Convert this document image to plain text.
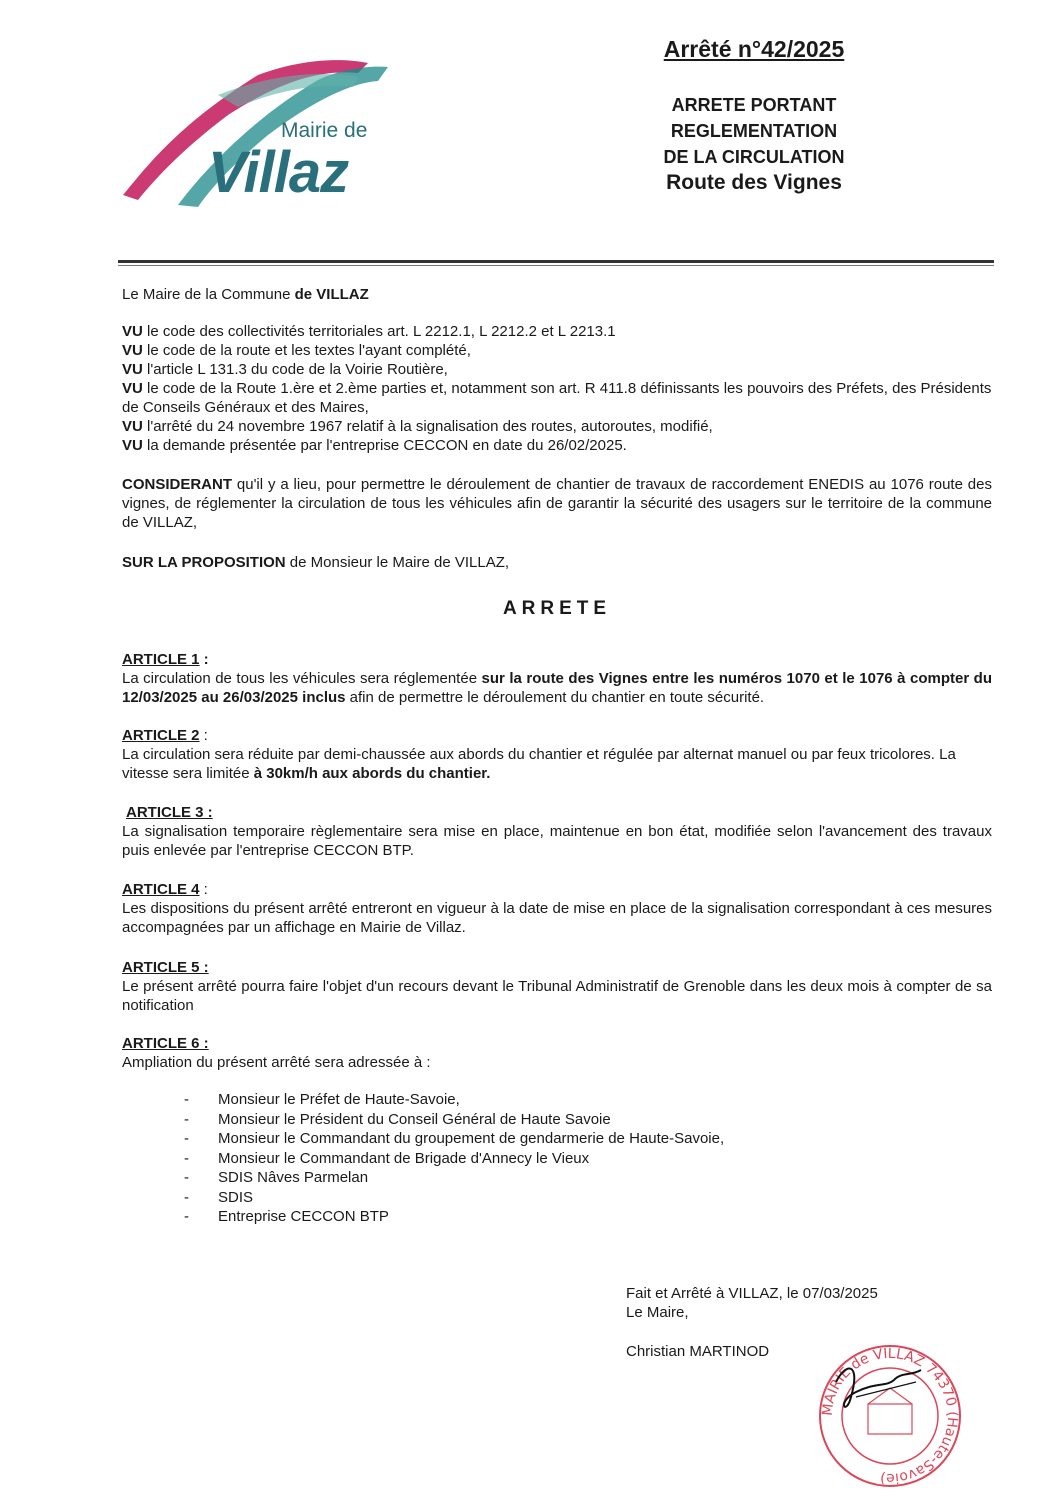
Mairie de
Villaz
Arrêté n°42/2025
ARRETE PORTANT
REGLEMENTATION
DE LA CIRCULATION
Route des Vignes
Le Maire de la Commune de VILLAZ
VU le code des collectivités territoriales art. L 2212.1, L 2212.2 et L 2213.1
VU le code de la route et les textes l'ayant complété,
VU l'article L 131.3 du code de la Voirie Routière,
VU le code de la Route 1.ère et 2.ème parties et, notamment son art. R 411.8 définissants les pouvoirs des Préfets, des Présidents de Conseils Généraux et des Maires,
VU l'arrêté du 24 novembre 1967 relatif à la signalisation des routes, autoroutes, modifié,
VU la demande présentée par l'entreprise CECCON en date du 26/02/2025.
CONSIDERANT qu'il y a lieu, pour permettre le déroulement de chantier de travaux de raccordement ENEDIS au 1076 route des vignes, de réglementer la circulation de tous les véhicules afin de garantir la sécurité des usagers sur le territoire de la commune de VILLAZ,
SUR LA PROPOSITION de Monsieur le Maire de VILLAZ,
ARRETE
ARTICLE 1 :
La circulation de tous les véhicules sera réglementée sur la route des Vignes entre les numéros 1070 et le 1076 à compter du 12/03/2025 au 26/03/2025 inclus afin de permettre le déroulement du chantier en toute sécurité.
ARTICLE 2 :
La circulation sera réduite par demi-chaussée aux abords du chantier et régulée par alternat manuel ou par feux tricolores. La vitesse sera limitée à 30km/h aux abords du chantier.
ARTICLE 3 :
La signalisation temporaire règlementaire sera mise en place, maintenue en bon état, modifiée selon l'avancement des travaux puis enlevée par l'entreprise CECCON BTP.
ARTICLE 4 :
Les dispositions du présent arrêté entreront en vigueur à la date de mise en place de la signalisation correspondant à ces mesures accompagnées par un affichage en Mairie de Villaz.
ARTICLE 5 :
Le présent arrêté pourra faire l'objet d'un recours devant le Tribunal Administratif de Grenoble dans les deux mois à compter de sa notification
ARTICLE 6 :
Ampliation du présent arrêté sera adressée à :
- Monsieur le Préfet de Haute-Savoie,
- Monsieur le Président du Conseil Général de Haute Savoie
- Monsieur le Commandant du groupement de gendarmerie de Haute-Savoie,
- Monsieur le Commandant de Brigade d'Annecy le Vieux
- SDIS Nâves Parmelan
- SDIS
- Entreprise CECCON BTP
Fait et Arrêté à VILLAZ, le 07/03/2025
Le Maire,
Christian MARTINOD
MAIRIE de VILLAZ 74370 (Haute-Savoie)
